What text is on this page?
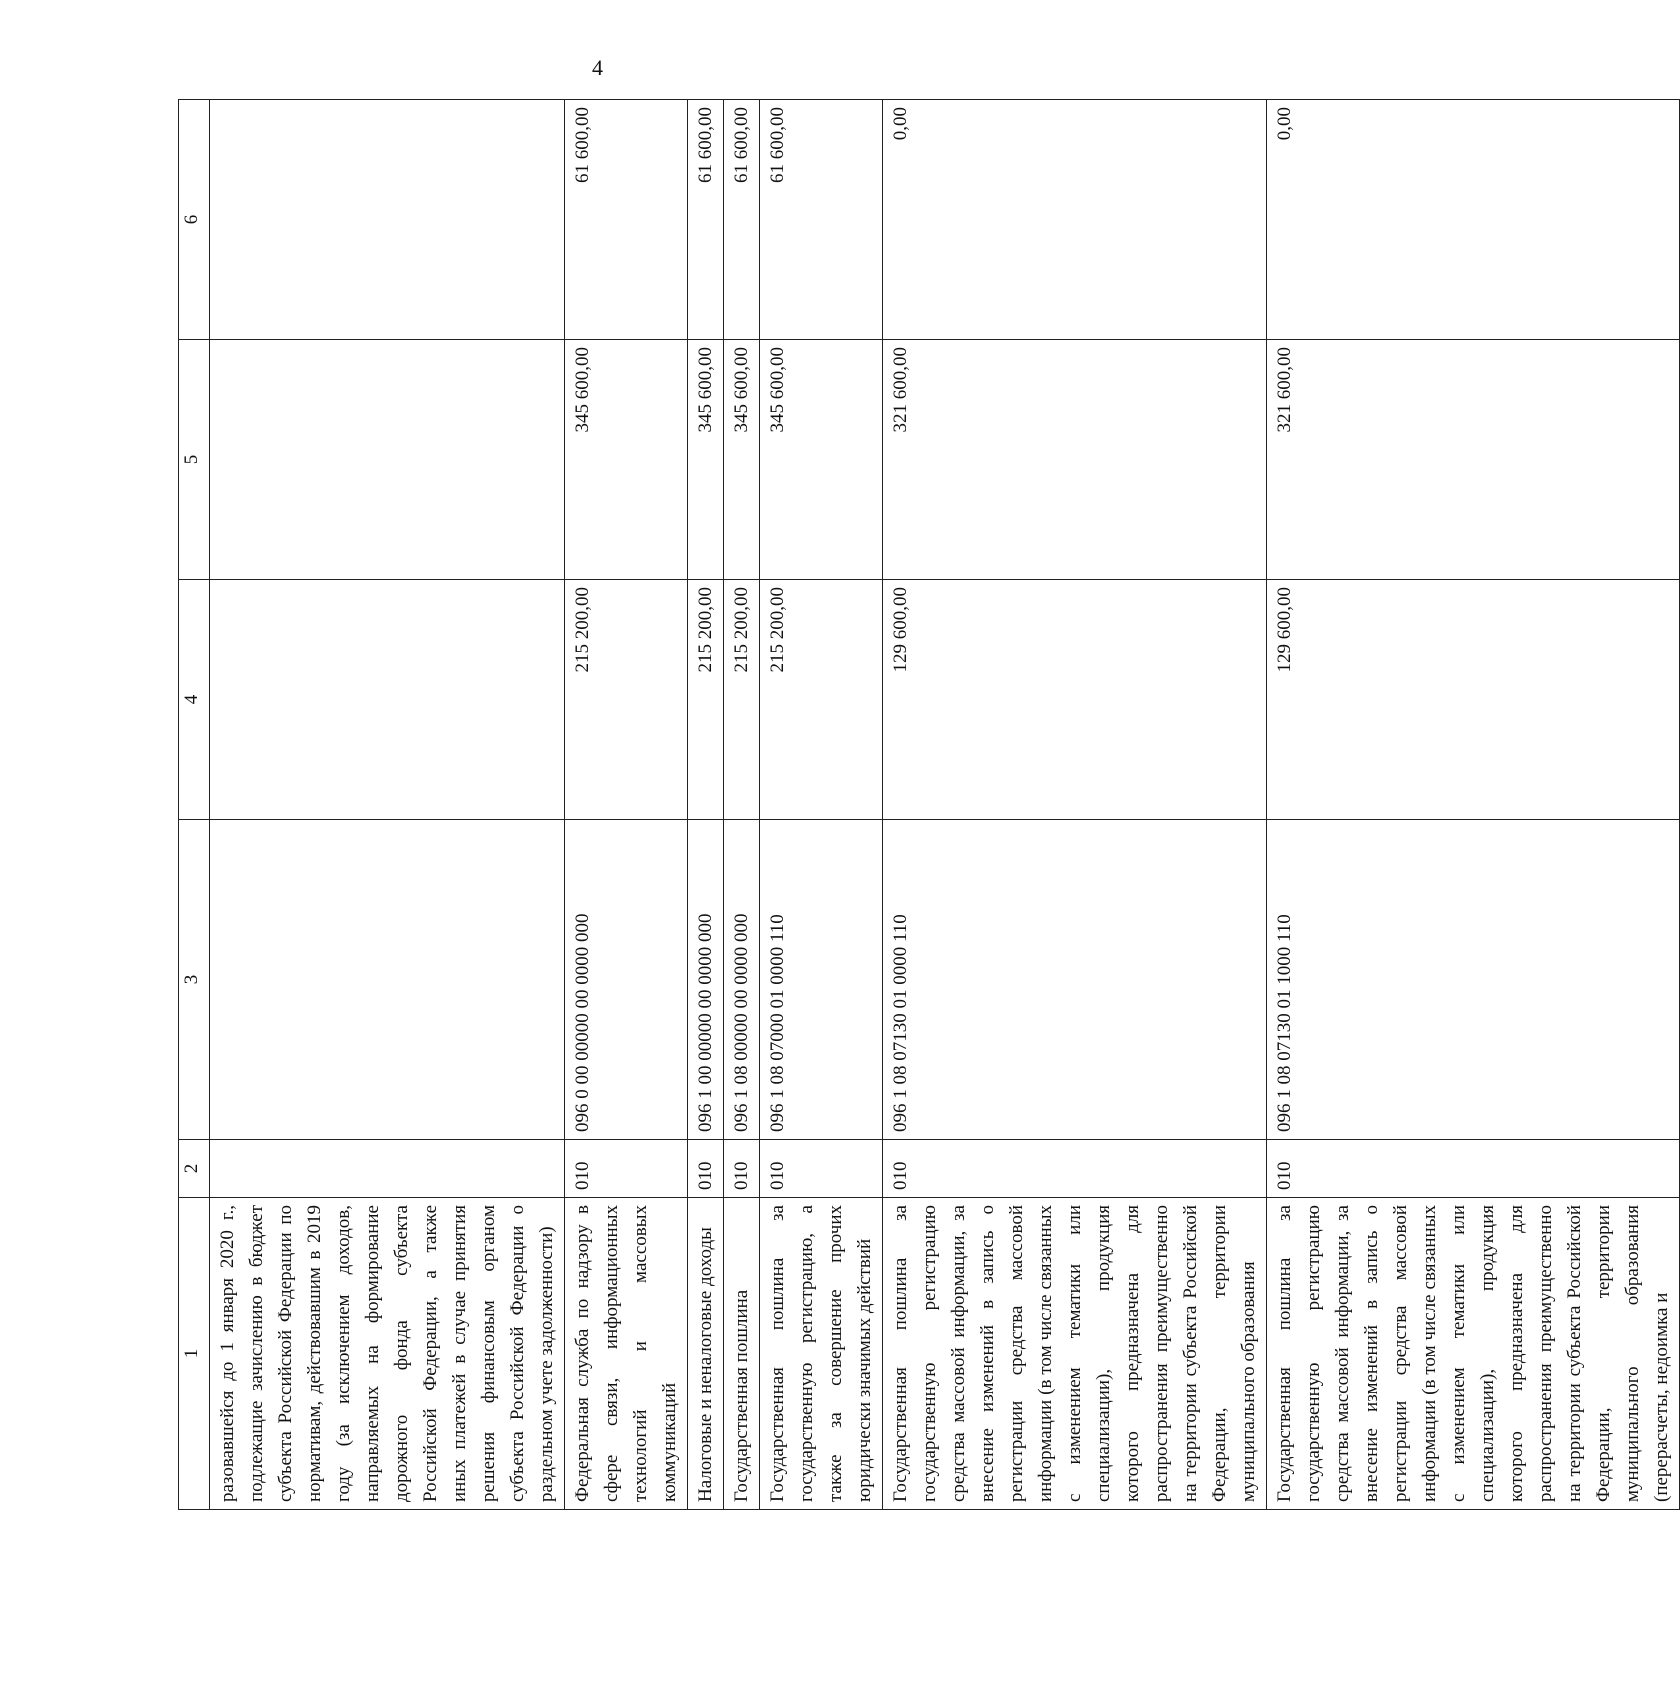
4
1	2	3	4	5	6
разовавшейся до 1 января 2020 г., подлежащие зачислению в бюджет субъекта Российской Федерации по нормативам, действовавшим в 2019 году (за исключением доходов, направляемых на формирование дорожного фонда субъекта Российской Федерации, а также иных платежей в случае принятия решения финансовым органом субъекта Российской Федерации о раздельном учете задолженности)					
Федеральная служба по надзору в сфере связи, информационных технологий и массовых коммуникаций	010	096 0 00 00000 00 0000 000	215 200,00	345 600,00	61 600,00
Налоговые и неналоговые доходы	010	096 1 00 00000 00 0000 000	215 200,00	345 600,00	61 600,00
Государственная пошлина	010	096 1 08 00000 00 0000 000	215 200,00	345 600,00	61 600,00
Государственная пошлина за государственную регистрацию, а также за совершение прочих юридически значимых действий	010	096 1 08 07000 01 0000 110	215 200,00	345 600,00	61 600,00
Государственная пошлина за государственную регистрацию средства массовой информации, за внесение изменений в запись о регистрации средства массовой информации (в том числе связанных с изменением тематики или специализации), продукция которого предназначена для распространения преимущественно на территории субъекта Российской Федерации, территории муниципального образования	010	096 1 08 07130 01 0000 110	129 600,00	321 600,00	0,00
Государственная пошлина за государственную регистрацию средства массовой информации, за внесение изменений в запись о регистрации средства массовой информации (в том числе связанных с изменением тематики или специализации), продукция которого предназначена для распространения преимущественно на территории субъекта Российской Федерации, территории муниципального образования (перерасчеты, недоимка и	010	096 1 08 07130 01 1000 110	129 600,00	321 600,00	0,00
